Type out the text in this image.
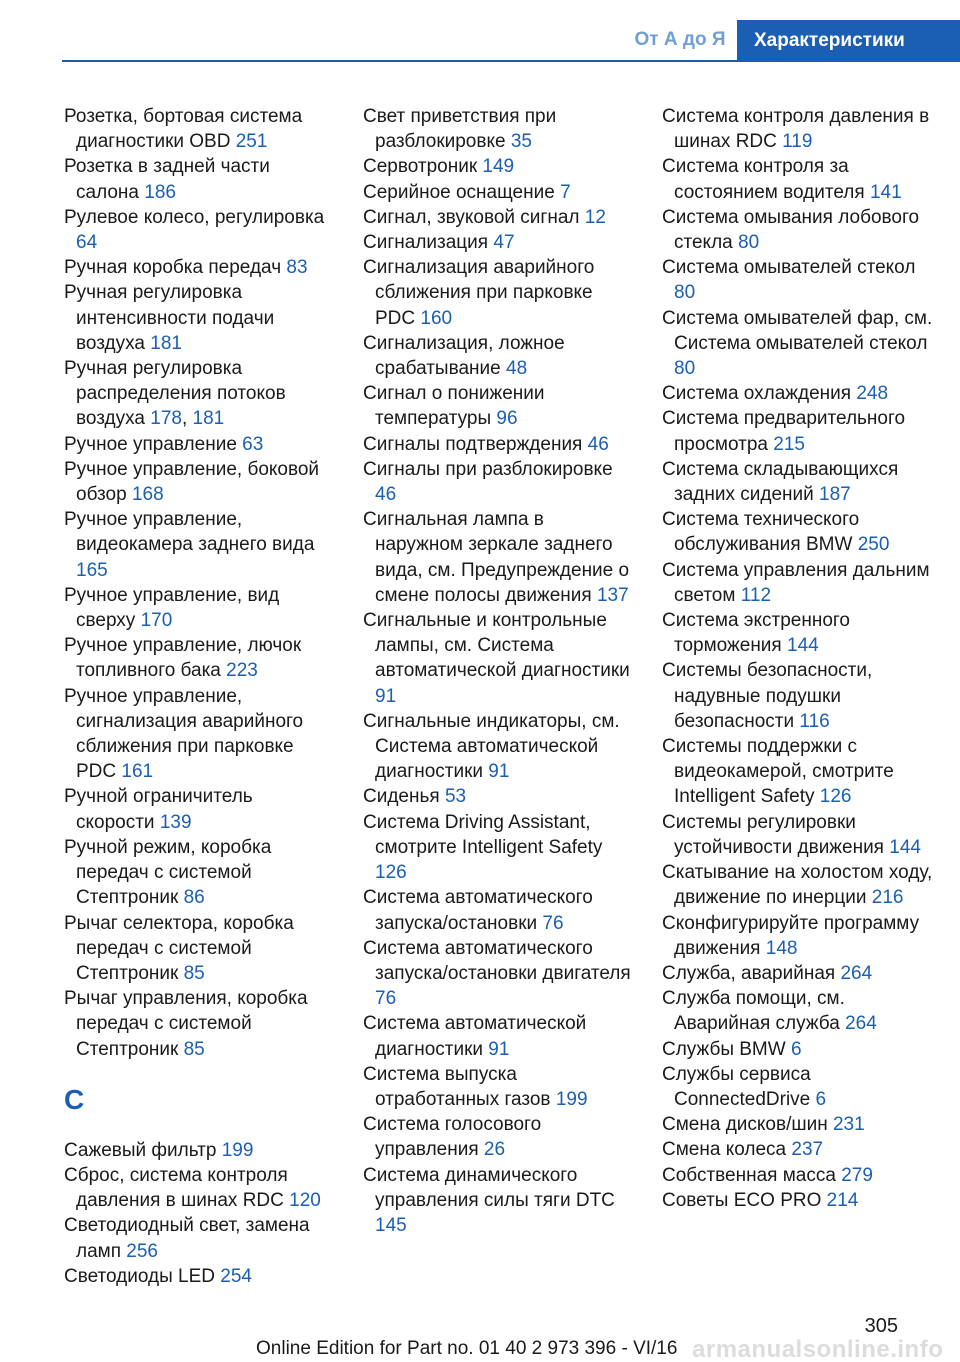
От А до Я	Характеристики
Розетка, бортовая система диагностики OBD 251
Розетка в задней части салона 186
Рулевое колесо, регулировка 64
Ручная коробка передач 83
Ручная регулировка интенсивности подачи воздуха 181
Ручная регулировка распределения потоков воздуха 178, 181
Ручное управление 63
Ручное управление, боковой обзор 168
Ручное управление, видеокамера заднего вида 165
Ручное управление, вид сверху 170
Ручное управление, лючок топливного бака 223
Ручное управление, сигнализация аварийного сближения при парковке PDC 161
Ручной ограничитель скорости 139
Ручной режим, коробка передач с системой Стептроник 86
Рычаг селектора, коробка передач с системой Стептроник 85
Рычаг управления, коробка передач с системой Стептроник 85
С
Сажевый фильтр 199
Сброс, система контроля давления в шинах RDC 120
Светодиодный свет, замена ламп 256
Светодиоды LED 254
Свет приветствия при разблокировке 35
Сервотроник 149
Серийное оснащение 7
Сигнал, звуковой сигнал 12
Сигнализация 47
Сигнализация аварийного сближения при парковке PDC 160
Сигнализация, ложное срабатывание 48
Сигнал о понижении температуры 96
Сигналы подтверждения 46
Сигналы при разблокировке 46
Сигнальная лампа в наружном зеркале заднего вида, см. Предупреждение о смене полосы движения 137
Сигнальные и контрольные лампы, см. Система автоматической диагностики 91
Сигнальные индикаторы, см. Система автоматической диагностики 91
Сиденья 53
Система Driving Assistant, смотрите Intelligent Safety 126
Система автоматического запуска/остановки 76
Система автоматического запуска/остановки двигателя 76
Система автоматической диагностики 91
Система выпуска отработанных газов 199
Система голосового управления 26
Система динамического управления силы тяги DTC 145
Система контроля давления в шинах RDC 119
Система контроля за состоянием водителя 141
Система омывания лобового стекла 80
Система омывателей стекол 80
Система омывателей фар, см. Система омывателей стекол 80
Система охлаждения 248
Система предварительного просмотра 215
Система складывающихся задних сидений 187
Система технического обслуживания BMW 250
Система управления дальним светом 112
Система экстренного торможения 144
Системы безопасности, надувные подушки безопасности 116
Системы поддержки с видеокамерой, смотрите Intelligent Safety 126
Системы регулировки устойчивости движения 144
Скатывание на холостом ходу, движение по инерции 216
Сконфигурируйте программу движения 148
Служба, аварийная 264
Служба помощи, см. Аварийная служба 264
Службы BMW 6
Службы сервиса ConnectedDrive 6
Смена дисков/шин 231
Смена колеса 237
Собственная масса 279
Советы ECO PRO 214
305
Online Edition for Part no. 01 40 2 973 396 - VI/16 armanualsonline.info
